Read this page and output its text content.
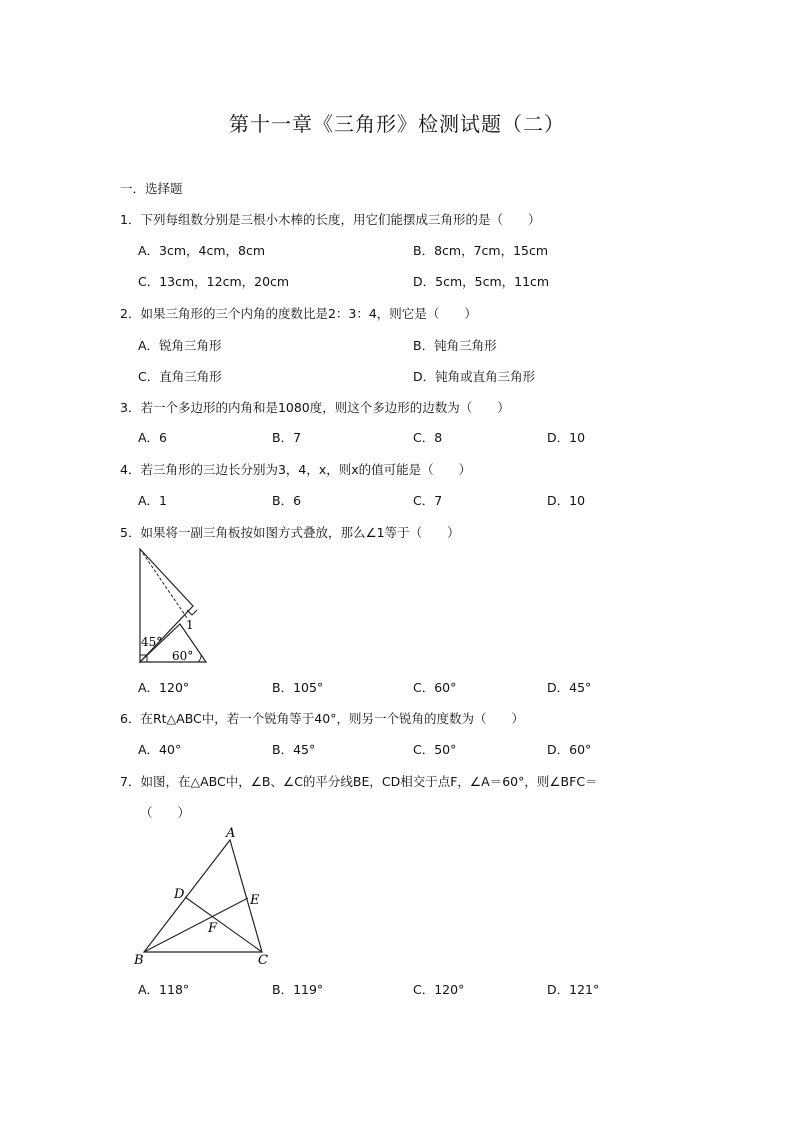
第十一章《三角形》检测试题（二）
一．选择题
1．下列每组数分别是三根小木棒的长度，用它们能摆成三角形的是（　　）
A．3cm，4cm，8cm	B．8cm，7cm，15cm
C．13cm，12cm，20cm	D．5cm，5cm，11cm
2．如果三角形的三个内角的度数比是2：3：4，则它是（　　）
A．锐角三角形	B．钝角三角形
C．直角三角形	D．钝角或直角三角形
3．若一个多边形的内角和是1080度，则这个多边形的边数为（　　）
A．6	B．7	C．8	D．10
4．若三角形的三边长分别为3，4，x，则x的值可能是（　　）
A．1	B．6	C．7	D．10
5．如果将一副三角板按如图方式叠放，那么∠1等于（　　）
45°
60°
1
A．120°	B．105°	C．60°	D．45°
6．在Rt△ABC中，若一个锐角等于40°，则另一个锐角的度数为（　　）
A．40°	B．45°	C．50°	D．60°
7．如图，在△ABC中，∠B、∠C的平分线BE，CD相交于点F，∠A＝60°，则∠BFC＝
（　　）
A
B	C
D	E
F
A．118°	B．119°	C．120°	D．121°
